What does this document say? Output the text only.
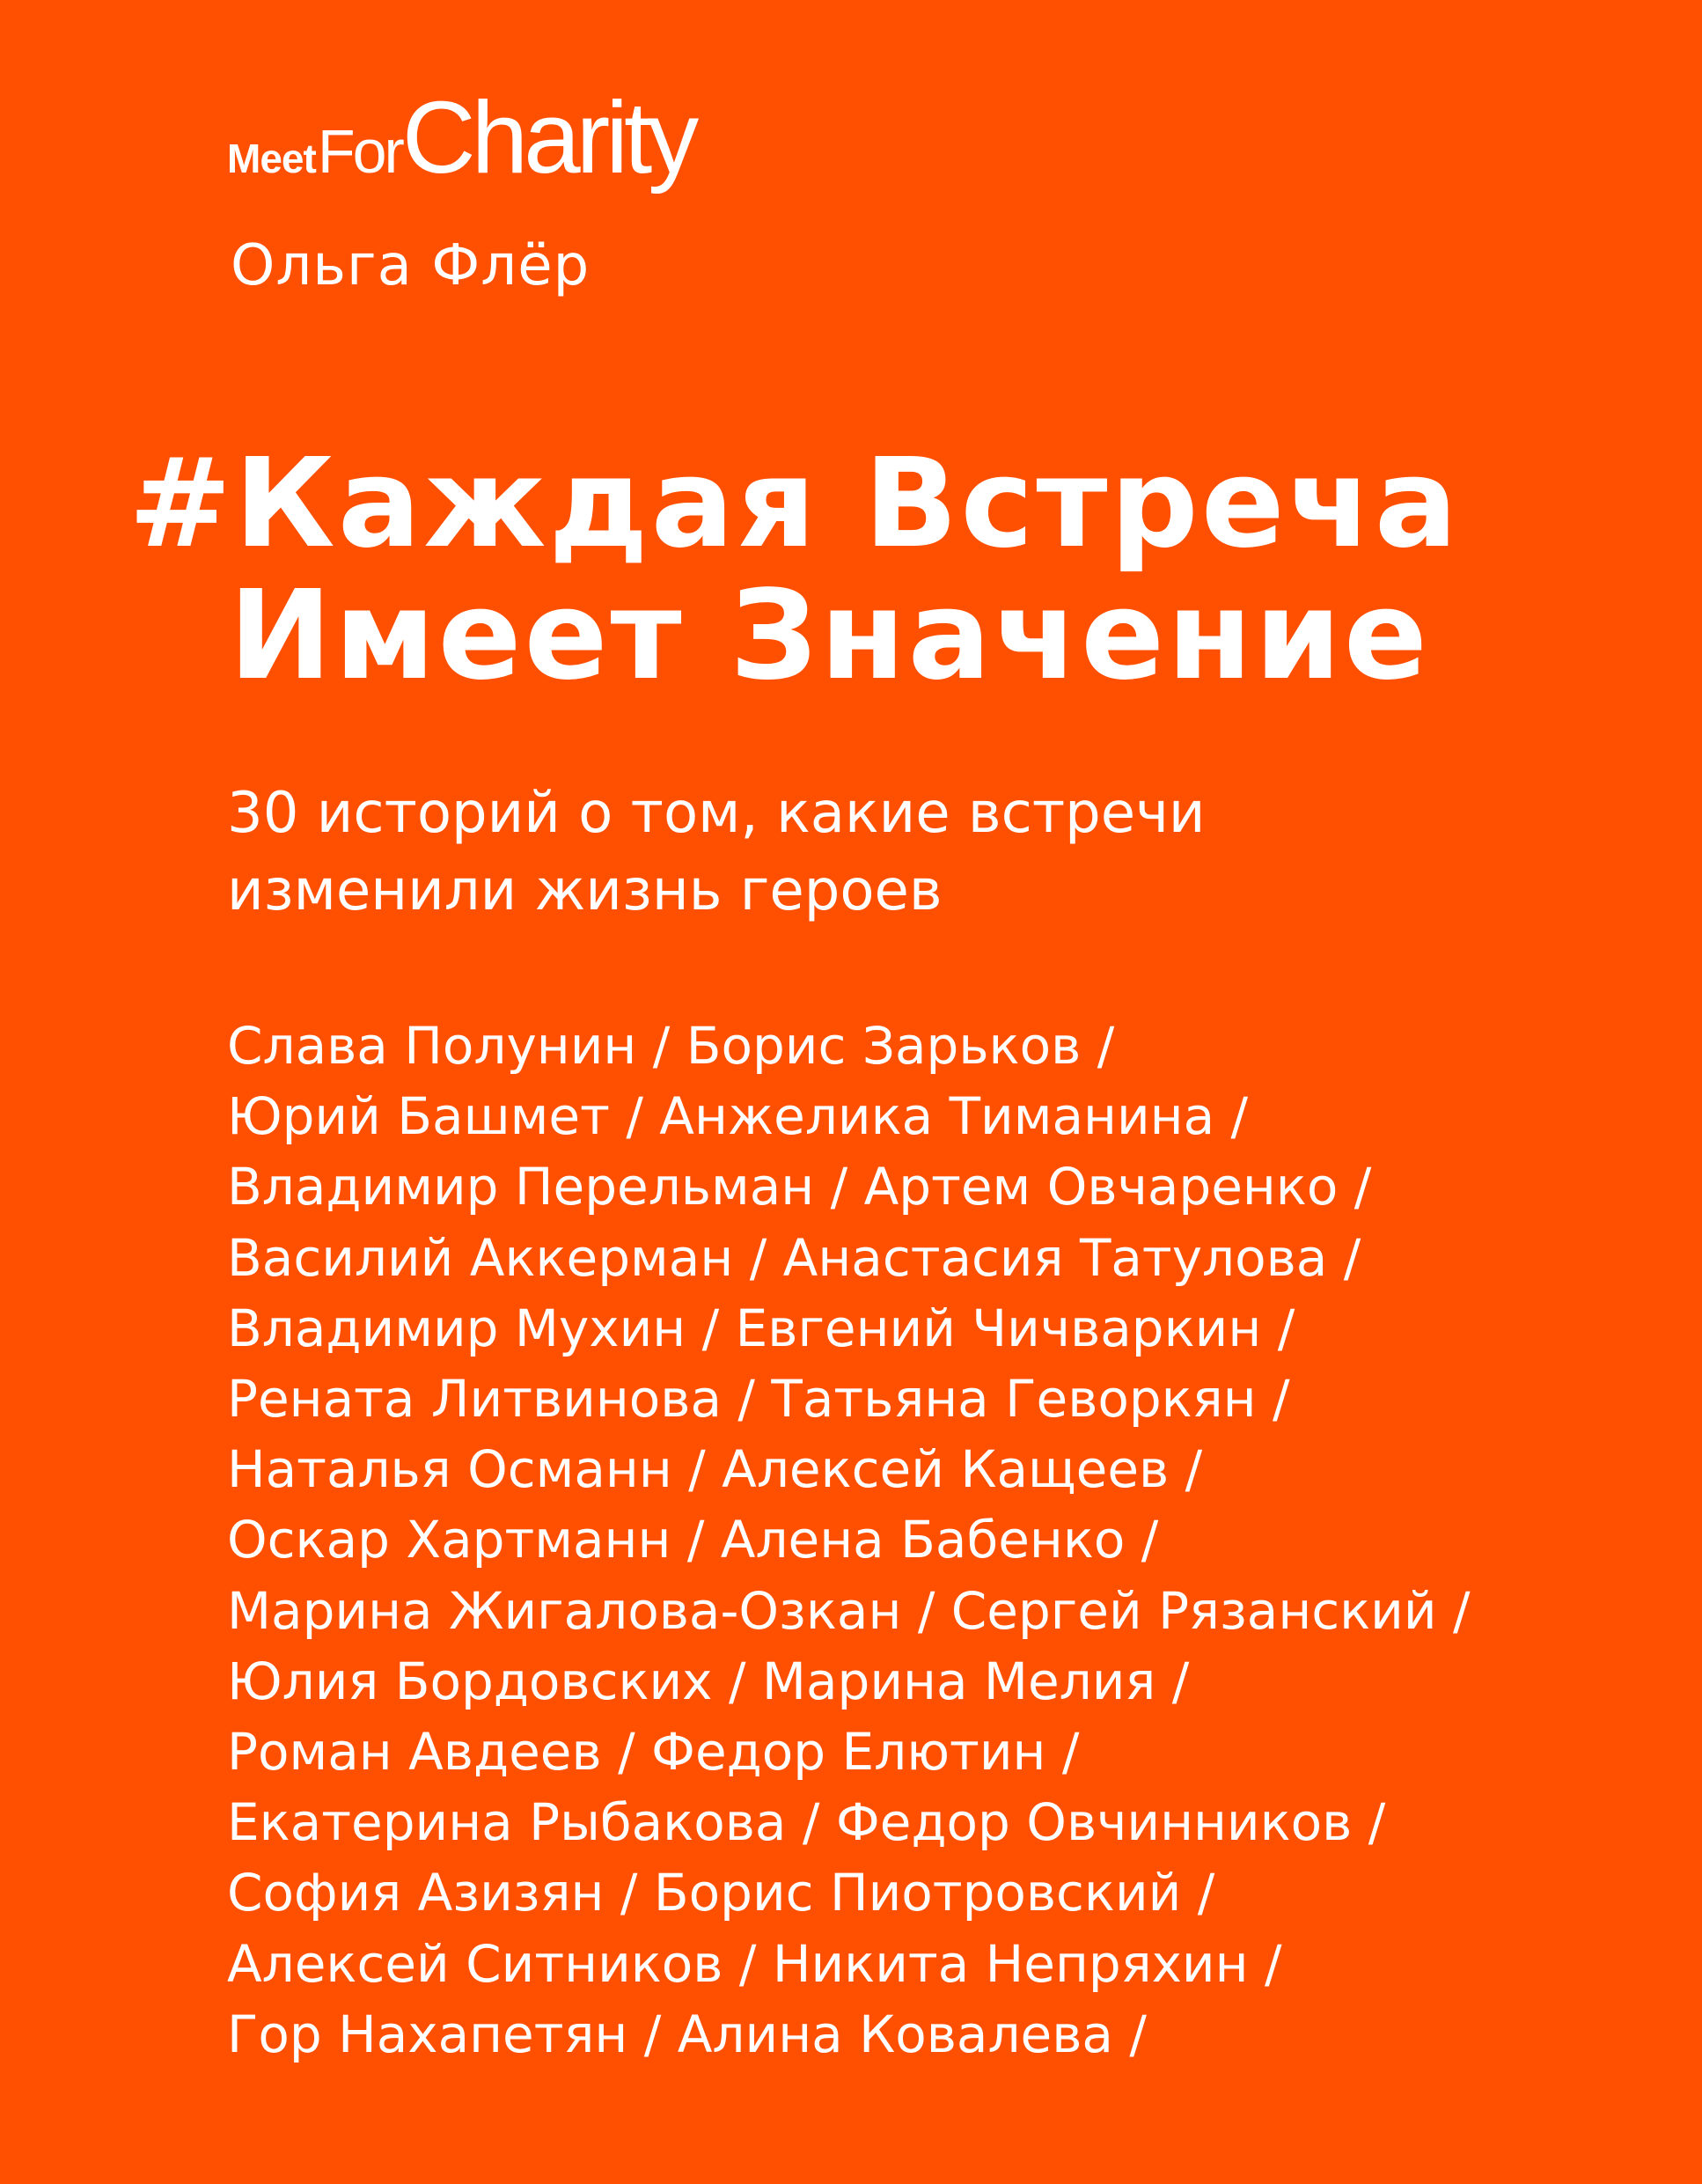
MeetForCharity
Ольга Флёр
#Каждая Встреча
Имеет Значение
30 историй о том, какие встречи
изменили жизнь героев
Слава Полунин / Борис Зарьков /
Юрий Башмет / Анжелика Тиманина /
Владимир Перельман / Артем Овчаренко /
Василий Аккерман / Анастасия Татулова /
Владимир Мухин / Евгений Чичваркин /
Рената Литвинова / Татьяна Геворкян /
Наталья Османн / Алексей Кащеев /
Оскар Хартманн / Алена Бабенко /
Марина Жигалова-Озкан / Сергей Рязанский /
Юлия Бордовских / Марина Мелия /
Роман Авдеев / Федор Елютин /
Екатерина Рыбакова / Федор Овчинников /
София Азизян / Борис Пиотровский /
Алексей Ситников / Никита Непряхин /
Гор Нахапетян / Алина Ковалева /
